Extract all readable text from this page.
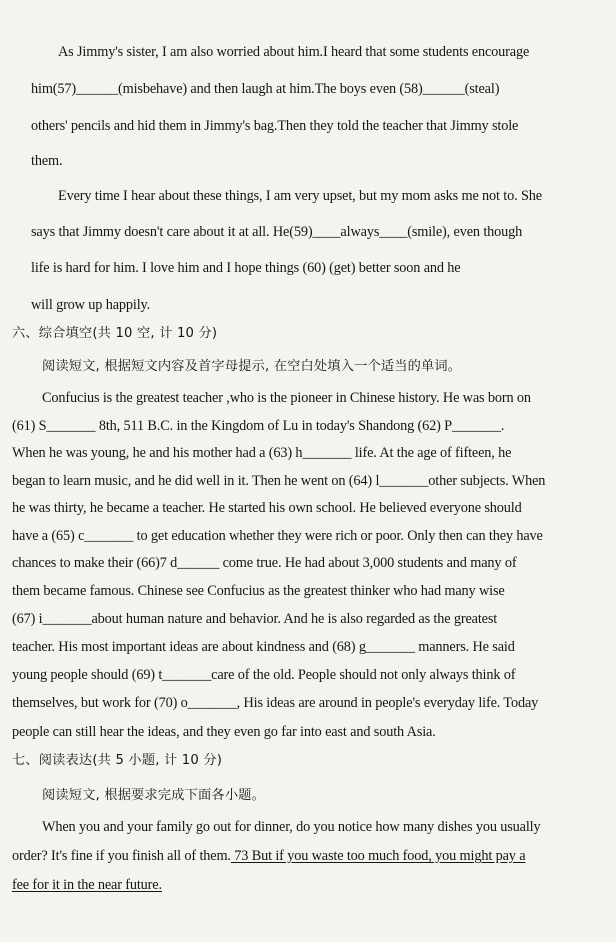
As Jimmy's sister, I am also worried about him.I heard that some students encourage
him(57)______(misbehave) and then laugh at him.The boys even (58)______(steal)
others' pencils and hid them in Jimmy's bag.Then they told the teacher that Jimmy stole
them.
Every time I hear about these things, I am very upset, but my mom asks me not to. She
says that Jimmy doesn't care about it at all. He(59)____always____(smile), even though
life is hard for him. I love him and I hope things (60) (get) better soon and he
will grow up happily.
六、综合填空(共 10 空, 计 10 分)
阅读短文, 根据短文内容及首字母提示, 在空白处填入一个适当的单词。
Confucius is the greatest teacher ,who is the pioneer in Chinese history. He was born on
(61) S_______ 8th, 511 B.C. in the Kingdom of Lu in today's Shandong (62) P_______.
When he was young, he and his mother had a (63) h_______ life. At the age of fifteen, he
began to learn music, and he did well in it. Then he went on (64) l_______other subjects. When
he was thirty, he became a teacher. He started his own school. He believed everyone should
have a (65) c_______ to get education whether they were rich or poor. Only then can they have
chances to make their (66)7 d______ come true. He had about 3,000 students and many of
them became famous. Chinese see Confucius as the greatest thinker who had many wise
(67) i_______about human nature and behavior. And he is also regarded as the greatest
teacher. His most important ideas are about kindness and (68) g_______ manners. He said
young people should (69) t_______care of the old. People should not only always think of
themselves, but work for (70) o_______, His ideas are around in people's everyday life. Today
people can still hear the ideas, and they even go far into east and south Asia.
七、阅读表达(共 5 小题, 计 10 分)
阅读短文, 根据要求完成下面各小题。
When you and your family go out for dinner, do you notice how many dishes you usually
order? It's fine if you finish all of them. 73 But if you waste too much food, you might pay a
fee for it in the near future.
